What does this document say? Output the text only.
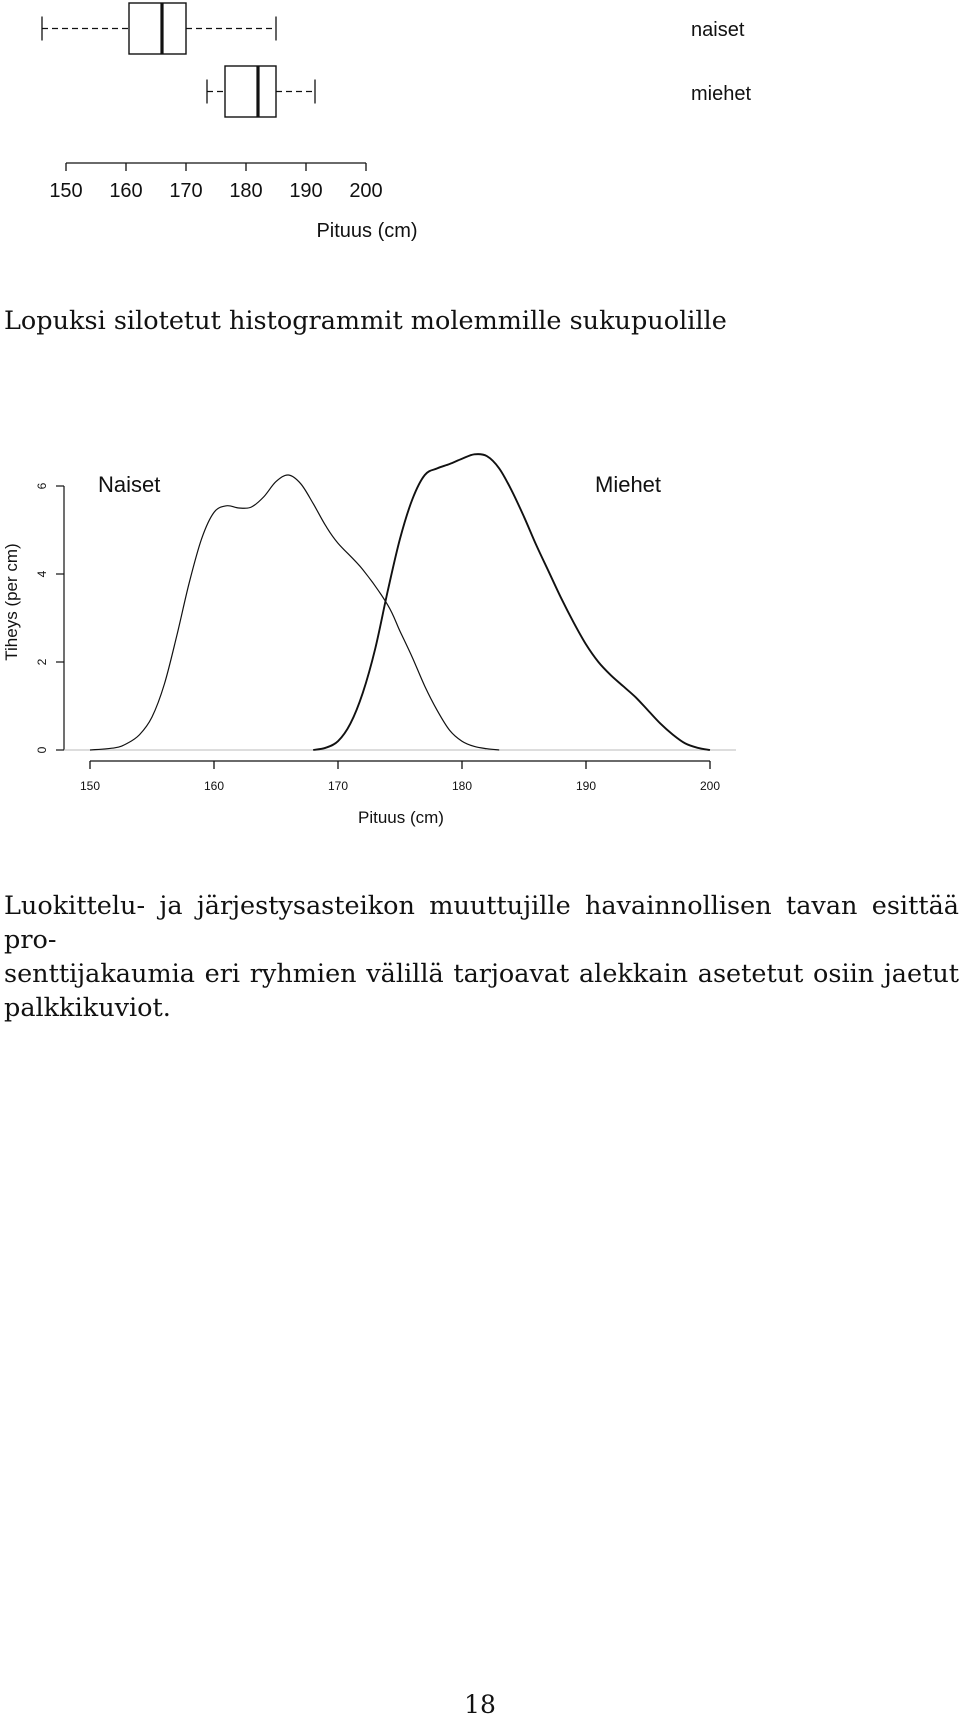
naiset
miehet
150 160 170 180 190 200
Pituus (cm)
Lopuksi silotetut histogrammit molemmille sukupuolille
0
2
4
6
150	160	170	180	190	200
Tiheys (per cm)
Pituus (cm)
Naiset	Miehet

Luokittelu- ja järjestysasteikon muuttujille havainnollisen tavan esittää pro-
senttijakaumia eri ryhmien välillä tarjoavat alekkain asetetut osiin jaetut
palkkikuviot.

18
